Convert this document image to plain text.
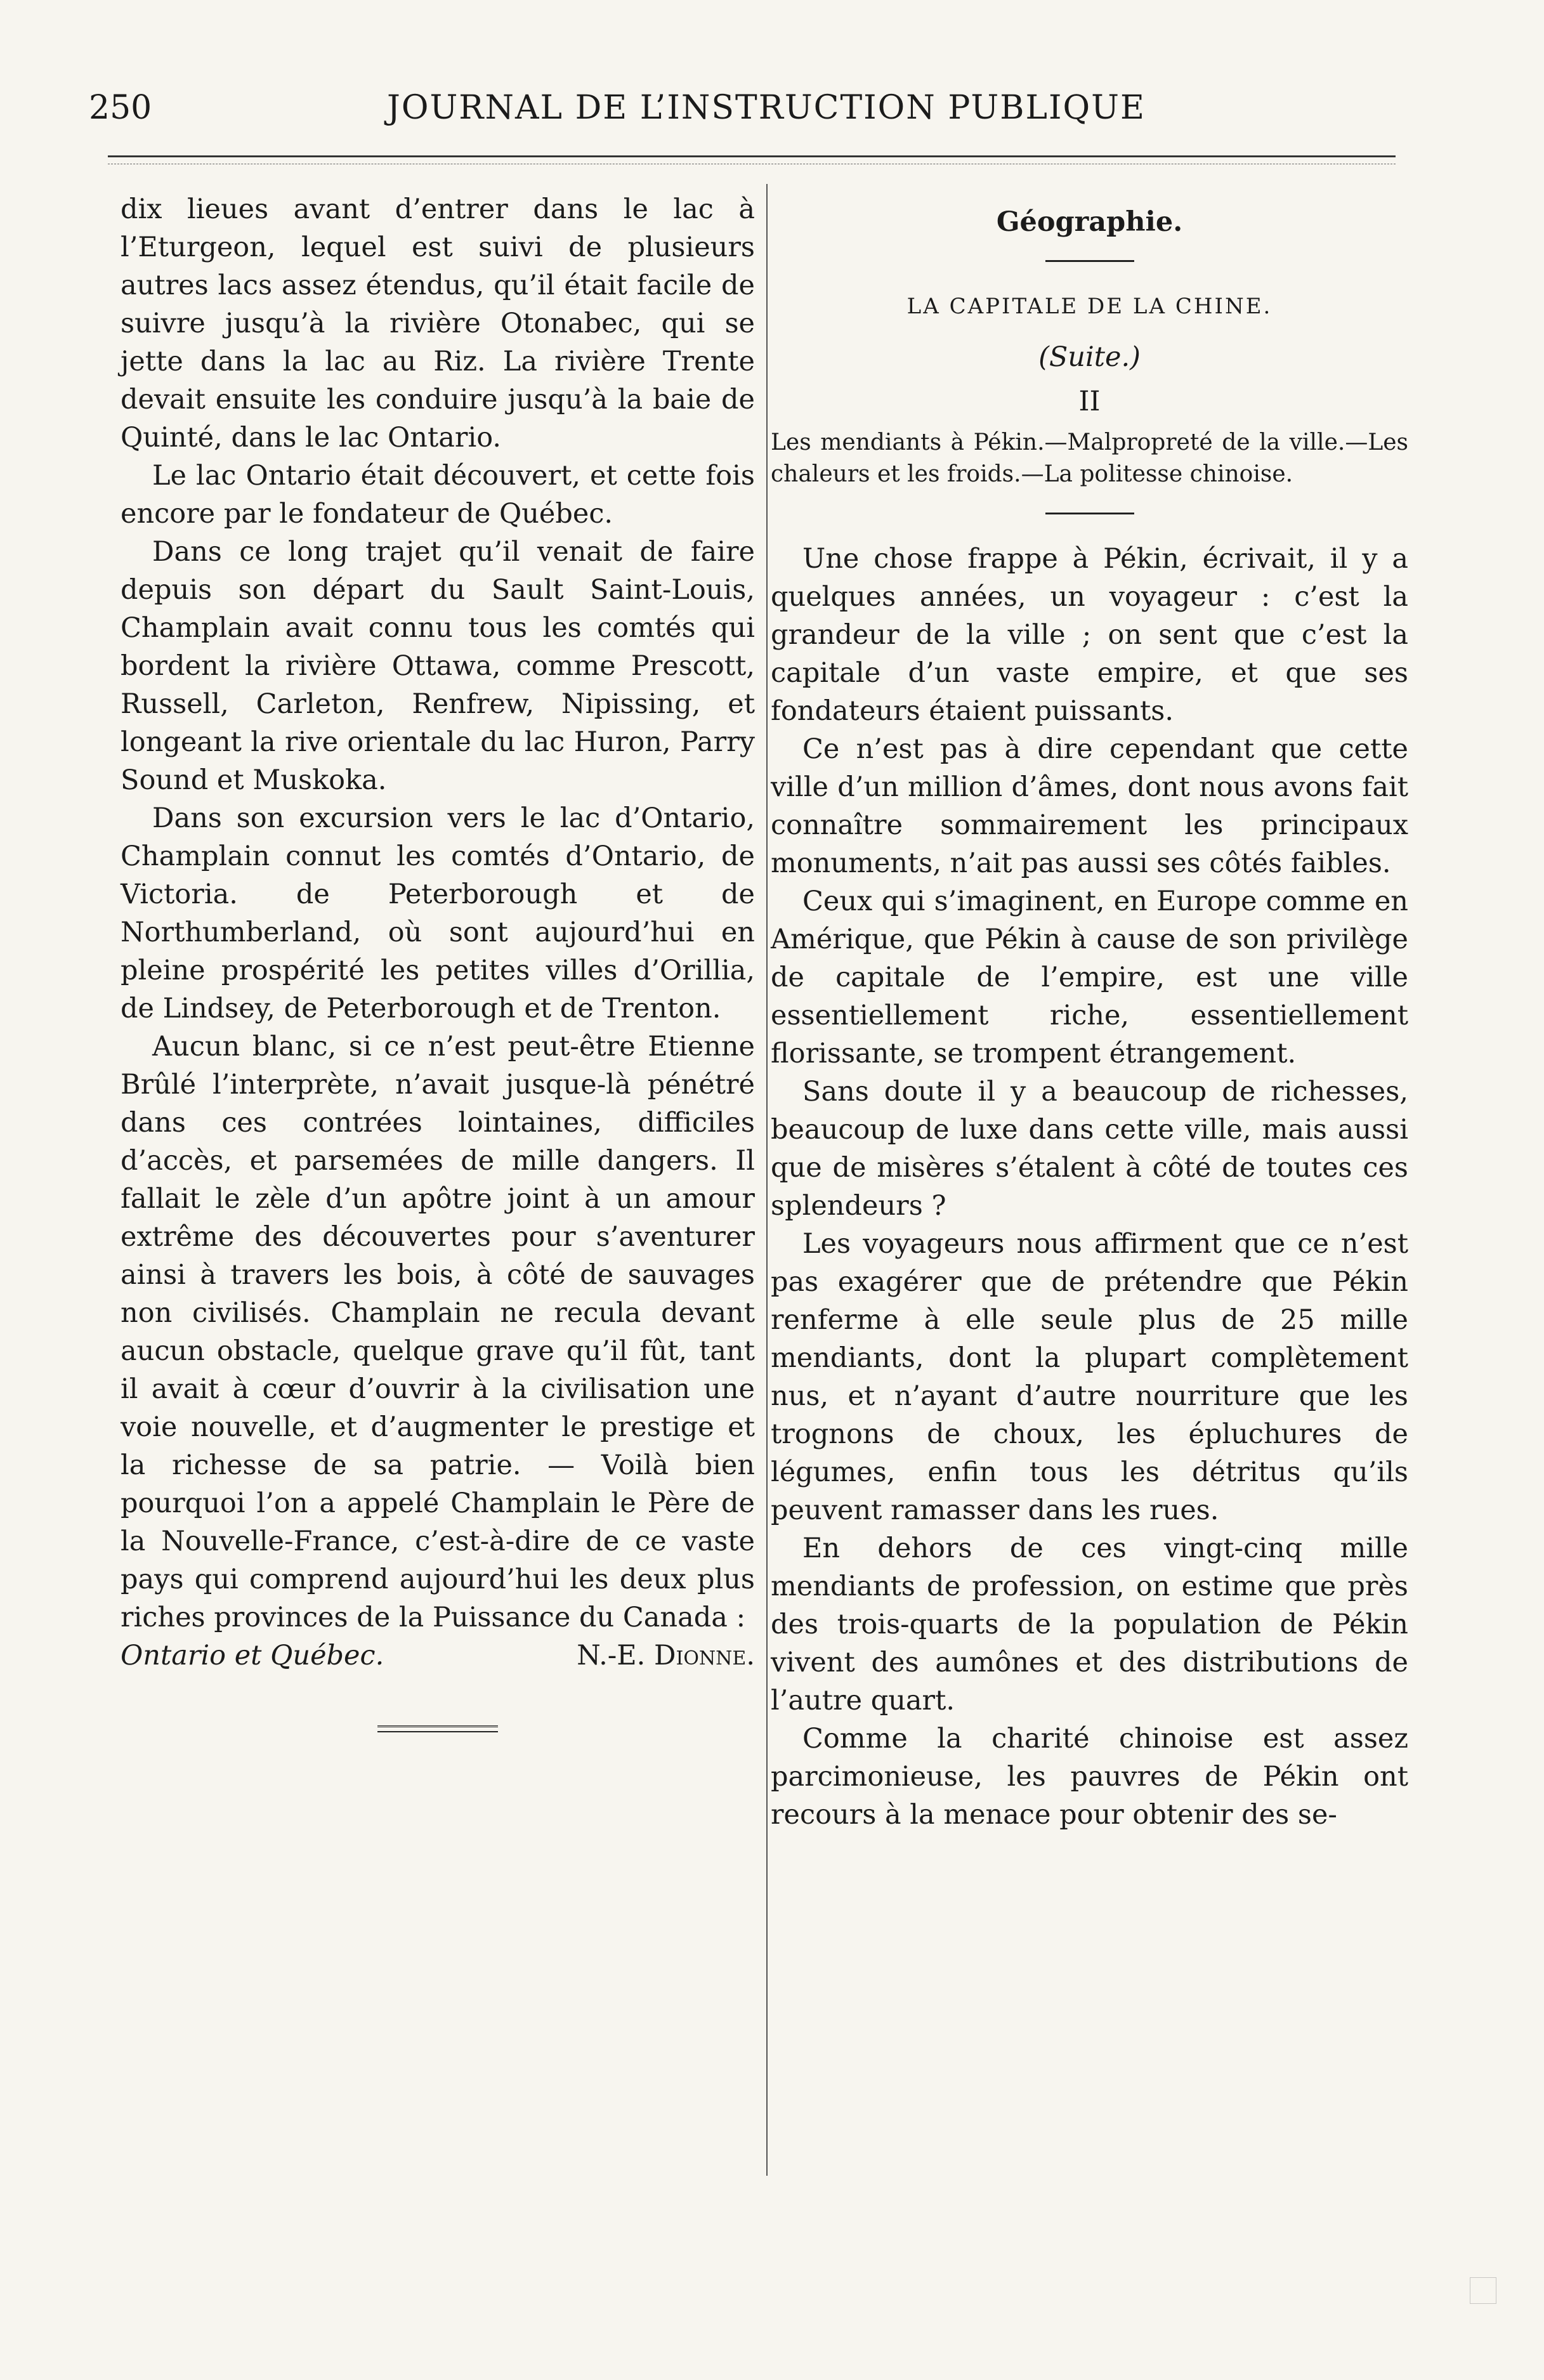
250	JOURNAL DE L’INSTRUCTION PUBLIQUE

dix lieues avant d’entrer dans le lac à l’Eturgeon, lequel est suivi de plusieurs autres lacs assez étendus, qu’il était facile de suivre jusqu’à la rivière Otonabec, qui se jette dans la lac au Riz. La rivière Trente devait ensuite les conduire jusqu’à la baie de Quinté, dans le lac Ontario.

Le lac Ontario était découvert, et cette fois encore par le fondateur de Québec.

Dans ce long trajet qu’il venait de faire depuis son départ du Sault Saint-Louis, Champlain avait connu tous les comtés qui bordent la rivière Ottawa, comme Prescott, Russell, Carleton, Renfrew, Nipissing, et longeant la rive orientale du lac Huron, Parry Sound et Muskoka.

Dans son excursion vers le lac d’Ontario, Champlain connut les comtés d’Ontario, de Victoria. de Peterborough et de Northumberland, où sont aujourd’hui en pleine prospérité les petites villes d’Orillia, de Lindsey, de Peterborough et de Trenton.

Aucun blanc, si ce n’est peut-être Etienne Brûlé l’interprète, n’avait jusque-là pénétré dans ces contrées lointaines, difficiles d’accès, et parsemées de mille dangers. Il fallait le zèle d’un apôtre joint à un amour extrême des découvertes pour s’aventurer ainsi à travers les bois, à côté de sauvages non civilisés. Champlain ne recula devant aucun obstacle, quelque grave qu’il fût, tant il avait à cœur d’ouvrir à la civilisation une voie nouvelle, et d’augmenter le prestige et la richesse de sa patrie. — Voilà bien pourquoi l’on a appelé Champlain le Père de la Nouvelle-France, c’est-à-dire de ce vaste pays qui comprend aujourd’hui les deux plus riches provinces de la Puissance du Canada :

Ontario et Québec.	N.-E. Dionne.
Géographie.
LA CAPITALE DE LA CHINE.
(Suite.)
II

Les mendiants à Pékin.—Malpropreté de la ville.—Les chaleurs et les froids.—La politesse chinoise.

Une chose frappe à Pékin, écrivait, il y a quelques années, un voyageur : c’est la grandeur de la ville ; on sent que c’est la capitale d’un vaste empire, et que ses fondateurs étaient puissants.

Ce n’est pas à dire cependant que cette ville d’un million d’âmes, dont nous avons fait connaître sommairement les principaux monuments, n’ait pas aussi ses côtés faibles.

Ceux qui s’imaginent, en Europe comme en Amérique, que Pékin à cause de son privilège de capitale de l’empire, est une ville essentiellement riche, essentiellement florissante, se trompent étrangement.

Sans doute il y a beaucoup de richesses, beaucoup de luxe dans cette ville, mais aussi que de misères s’étalent à côté de toutes ces splendeurs ?

Les voyageurs nous affirment que ce n’est pas exagérer que de prétendre que Pékin renferme à elle seule plus de 25 mille mendiants, dont la plupart complètement nus, et n’ayant d’autre nourriture que les trognons de choux, les épluchures de légumes, enfin tous les détritus qu’ils peuvent ramasser dans les rues.

En dehors de ces vingt-cinq mille mendiants de profession, on estime que près des trois-quarts de la population de Pékin vivent des aumônes et des distributions de l’autre quart.

Comme la charité chinoise est assez parcimonieuse, les pauvres de Pékin ont recours à la menace pour obtenir des se-
